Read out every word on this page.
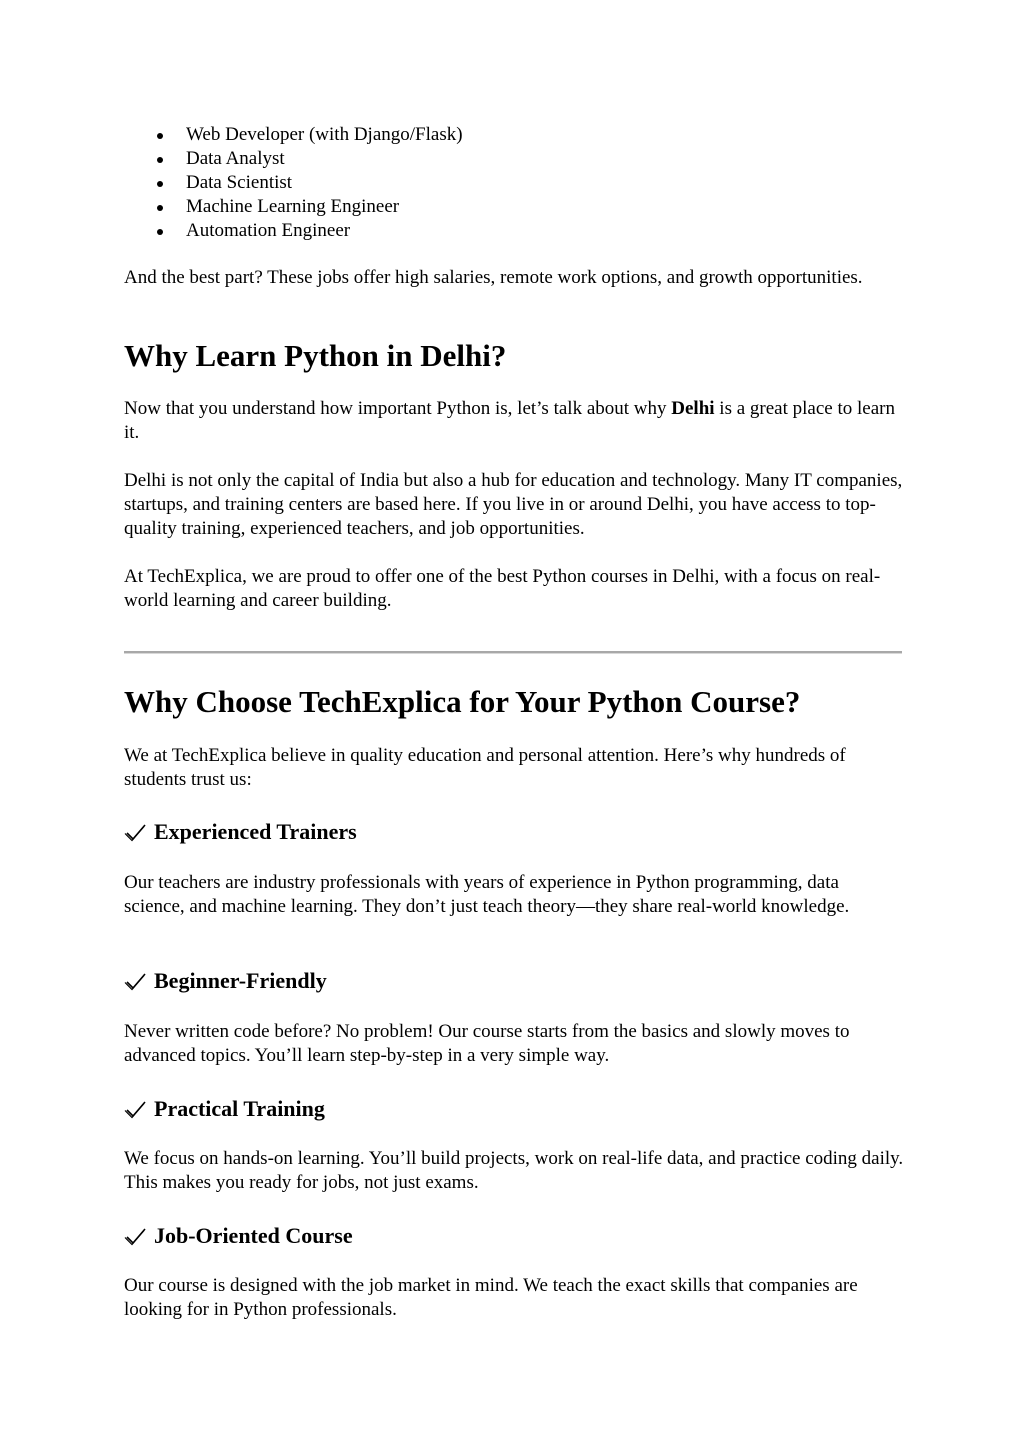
Web Developer (with Django/Flask)
Data Analyst
Data Scientist
Machine Learning Engineer
Automation Engineer

And the best part? These jobs offer high salaries, remote work options, and growth opportunities.

Why Learn Python in Delhi?

Now that you understand how important Python is, let’s talk about why Delhi is a great place to learn it.

Delhi is not only the capital of India but also a hub for education and technology. Many IT companies, startups, and training centers are based here. If you live in or around Delhi, you have access to top-quality training, experienced teachers, and job opportunities.

At TechExplica, we are proud to offer one of the best Python courses in Delhi, with a focus on real-world learning and career building.

Why Choose TechExplica for Your Python Course?

We at TechExplica believe in quality education and personal attention. Here’s why hundreds of students trust us:

Experienced Trainers

Our teachers are industry professionals with years of experience in Python programming, data science, and machine learning. They don’t just teach theory—they share real-world knowledge.

Beginner-Friendly

Never written code before? No problem! Our course starts from the basics and slowly moves to advanced topics. You’ll learn step-by-step in a very simple way.

Practical Training

We focus on hands-on learning. You’ll build projects, work on real-life data, and practice coding daily. This makes you ready for jobs, not just exams.

Job-Oriented Course

Our course is designed with the job market in mind. We teach the exact skills that companies are looking for in Python professionals.
